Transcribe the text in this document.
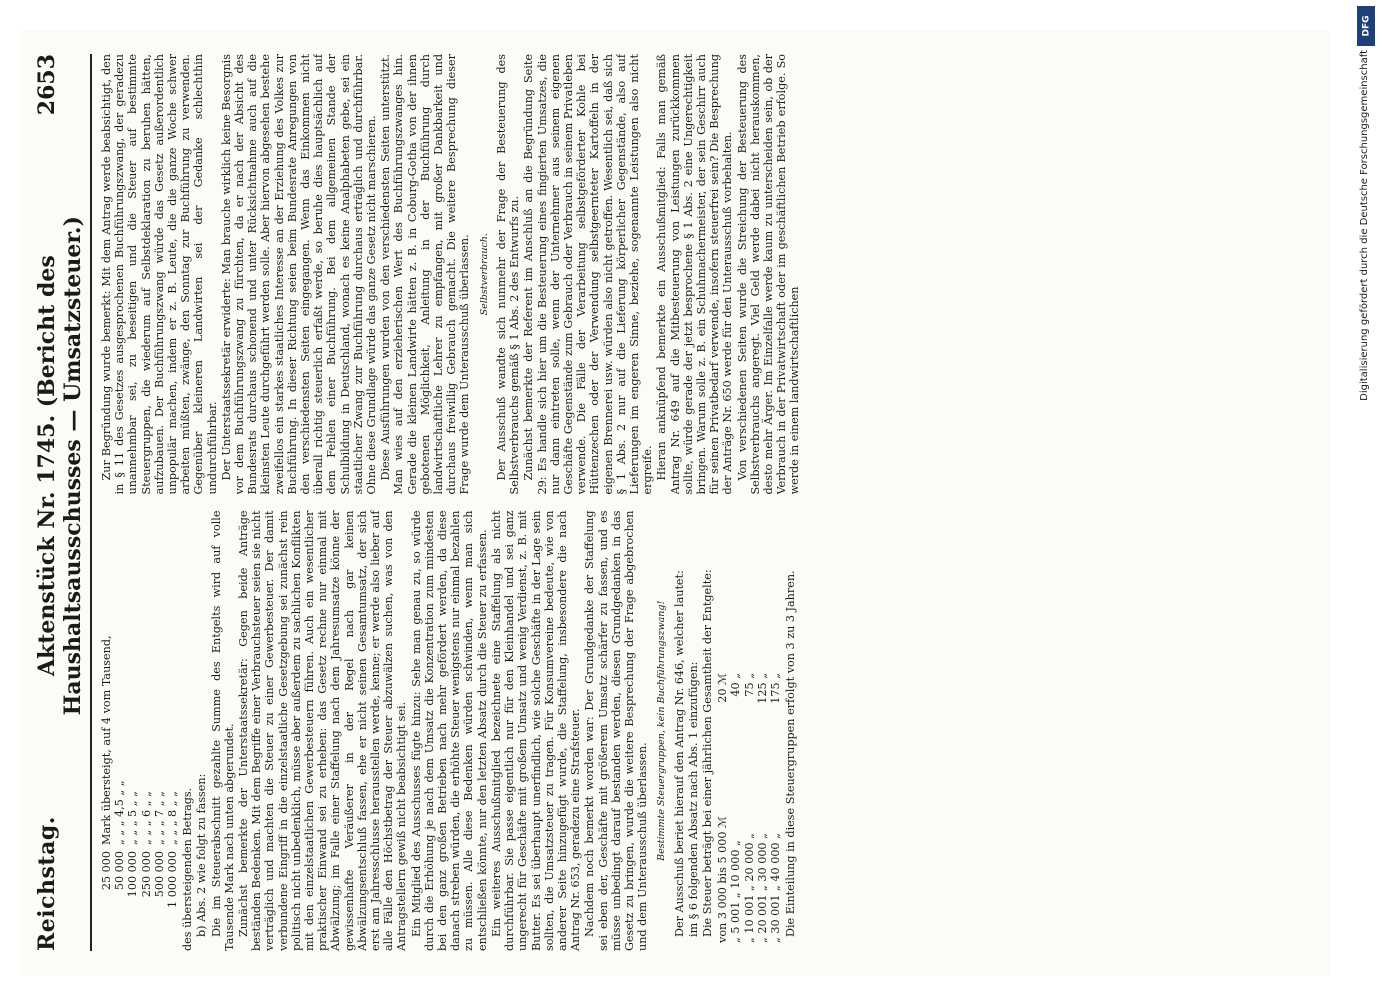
Reichstag.
Aktenstück Nr. 1745. (Bericht des Haushaltsausschusses — Umsatzsteuer.)
2653
25 000
Mark übersteigt, auf 4 vom Tausend,
50 000
„ „ „ 4,5 „ „
100 000
„ „ „ 5 „ „
250 000
„ „ „ 6 „ „
500 000
„ „ „ 7 „ „
1 000 000
„ „ „ 8 „ „ des übersteigenden Betrags. b) Abs. 2 wie folgt zu fassen: Die im Steuerabschnitt gezahlte Summe des Entgelts wird auf volle Tausende Mark nach unten abgerundet. Zunächst bemerkte der Unterstaatssekretär: Gegen beide Anträge beständen Bedenken. Mit dem Begriffe einer Verbrauchsteuer seien sie nicht verträglich und machten die Steuer zu einer Gewerbesteuer. Der damit verbundene Eingriff in die einzelstaatliche Gesetzgebung sei zunächst rein politisch nicht unbedenklich, müsse aber außerdem zu sachlichen Konflikten mit den einzelstaatlichen Gewerbesteuern führen. Auch ein wesentlicher praktischer Einwand sei zu erheben: das Gesetz rechne nur einmal mit Abwälzung; im Falle einer Staffelung nach dem Jahresumsatze könne der gewissenhafte Veräußerer in der Regel nach gar keinen Abwälzungsentschluß fassen, ehe er nicht seinen Gesamtumsatz, der sich erst am Jahresschlusse herausstellen werde, kenne; er werde also lieber auf alle Fälle den Höchstbetrag der Steuer abzuwälzen suchen, was von den Antragstellern gewiß nicht beabsichtigt sei. Ein Mitglied des Ausschusses fügte hinzu: Sehe man genau zu, so würde durch die Erhöhung je nach dem Umsatz die Konzentration zum mindesten bei den ganz großen Betrieben nach mehr gefördert werden, da diese danach streben würden, die erhöhte Steuer wenigstens nur einmal bezahlen zu müssen. Alle diese Bedenken würden schwinden, wenn man sich entschließen könnte, nur den letzten Absatz durch die Steuer zu erfassen. Ein weiteres Ausschußmitglied bezeichnete eine Staffelung als nicht durchführbar. Sie passe eigentlich nur für den Kleinhandel und sei ganz ungerecht für Geschäfte mit großem Umsatz und wenig Verdienst, z. B. mit Butter. Es sei überhaupt unerfindlich, wie solche Geschäfte in der Lage sein sollten, die Umsatzsteuer zu tragen. Für Konsumvereine bedeute, wie von anderer Seite hinzugefügt wurde, die Staffelung, insbesondere die nach Antrag Nr. 653, geradezu eine Strafsteuer. Nachdem noch bemerkt worden war: Der Grundgedanke der Staffelung sei eben der, Geschäfte mit größerem Umsatz schärfer zu fassen, und es müsse unbedingt darauf bestanden werden, diesen Grundgedanken in das Gesetz zu bringen, wurde die weitere Besprechung der Frage abgebrochen und dem Unterausschuß überlassen. Bestimmte Steuergruppen, kein Buchführungszwang! Der Ausschuß beriet hierauf den Antrag Nr. 646, welcher lautet: im § 6 folgenden Absatz nach Abs. 1 einzufügen: Die Steuer beträgt bei einer jährlichen Gesamtheit der Entgelte: von 3 000 bis 5 000 ℳ
20 ℳ
„ 5 001 „ 10 000 „
40 „
„ 10 001 „ 20 000 „
75 „
„ 20 001 „ 30 000 „
125 „
„ 30 001 „ 40 000 „
175 „ Die Einteilung in diese Steuergruppen erfolgt von 3 zu 3 Jahren.

Zur Begründung wurde bemerkt: Mit dem Antrag werde beabsichtigt, den in § 11 des Gesetzes ausgesprochenen Buchführungszwang, der geradezu unannehmbar sei, zu beseitigen und die Steuer auf bestimmte Steuergruppen, die wiederum auf Selbstdeklaration zu beruhen hätten, aufzubauen. Der Buchführungszwang würde das Gesetz außerordentlich unpopulär machen, indem er z. B. Leute, die die ganze Woche schwer arbeiten müßten, zwänge, den Sonntag zur Buchführung zu verwenden. Gegenüber kleineren Landwirten sei der Gedanke schlechthin undurchführbar. Der Unterstaatssekretär erwiderte: Man brauche wirklich keine Besorgnis vor dem Buchführungszwang zu fürchten, da er nach der Absicht des Bundesrats durchaus schonend und unter Rücksichtnahme auch auf die kleinsten Leute durchgeführt werden solle. Aber hiervon abgesehen bestehe zweifellos ein starkes staatliches Interesse an der Erziehung des Volkes zur Buchführung. In dieser Richtung seien beim Bundesrate Anregungen von den verschiedensten Seiten eingegangen. Wenn das Einkommen nicht überall richtig steuerlich erfaßt werde, so beruhe dies hauptsächlich auf dem Fehlen einer Buchführung. Bei dem allgemeinen Stande der Schulbildung in Deutschland, wonach es keine Analphabeten gebe, sei ein staatlicher Zwang zur Buchführung durchaus erträglich und durchführbar. Ohne diese Grundlage würde das ganze Gesetz nicht marschieren. Diese Ausführungen wurden von den verschiedensten Seiten unterstützt. Man wies auf den erzieherischen Wert des Buchführungszwanges hin. Gerade die kleinen Landwirte hätten z. B. in Coburg-Gotha von der ihnen gebotenen Möglichkeit, Anleitung in der Buchführung durch landwirtschaftliche Lehrer zu empfangen, mit großer Dankbarkeit und durchaus freiwillig Gebrauch gemacht. Die weitere Besprechung dieser Frage wurde dem Unterausschuß überlassen. Selbstverbrauch. Der Ausschuß wandte sich nunmehr der Frage der Besteuerung des Selbstverbrauchs gemäß § 1 Abs. 2 des Entwurfs zu. Zunächst bemerkte der Referent im Anschluß an die Begründung Seite 29: Es handle sich hier um die Besteuerung eines fingierten Umsatzes, die nur dann eintreten solle, wenn der Unternehmer aus seinem eigenen Geschäfte Gegenstände zum Gebrauch oder Verbrauch in seinem Privatleben verwende. Die Fälle der Verarbeitung selbstgeförderter Kohle bei Hüttenzechen oder der Verwendung selbstgeernteter Kartoffeln in der eigenen Brennerei usw. würden also nicht getroffen. Wesentlich sei, daß sich § 1 Abs. 2 nur auf die Lieferung körperlicher Gegenstände, also auf Lieferungen im engeren Sinne, beziehe, sogenannte Leistungen also nicht ergreife. Hieran anknüpfend bemerkte ein Ausschußmitglied: Falls man gemäß Antrag Nr. 649 auf die Mitbesteuerung von Leistungen zurückkommen sollte, würde gerade der jetzt besprochene § 1 Abs. 2 eine Ungerechtigkeit bringen. Warum solle z. B. ein Schuhmachermeister, der sein Geschirr auch für seinen Privatbedarf verwende, insofern steuerfrei sein? Die Besprechung der Anträge Nr. 650 werde für den Unterausschuß vorbehalten. Von verschiedenen Seiten wurde die Streichung der Besteuerung des Selbstverbrauchs angeregt. Viel Geld werde dabei nicht herauskommen, desto mehr Ärger. Im Einzelfalle werde kaum zu unterscheiden sein, ob der Verbrauch in der Privatwirtschaft oder im geschäftlichen Betrieb erfolge. So werde in einem landwirtschaftlichen

DFG
Digitalisierung gefördert durch die Deutsche Forschungsgemeinschaft
